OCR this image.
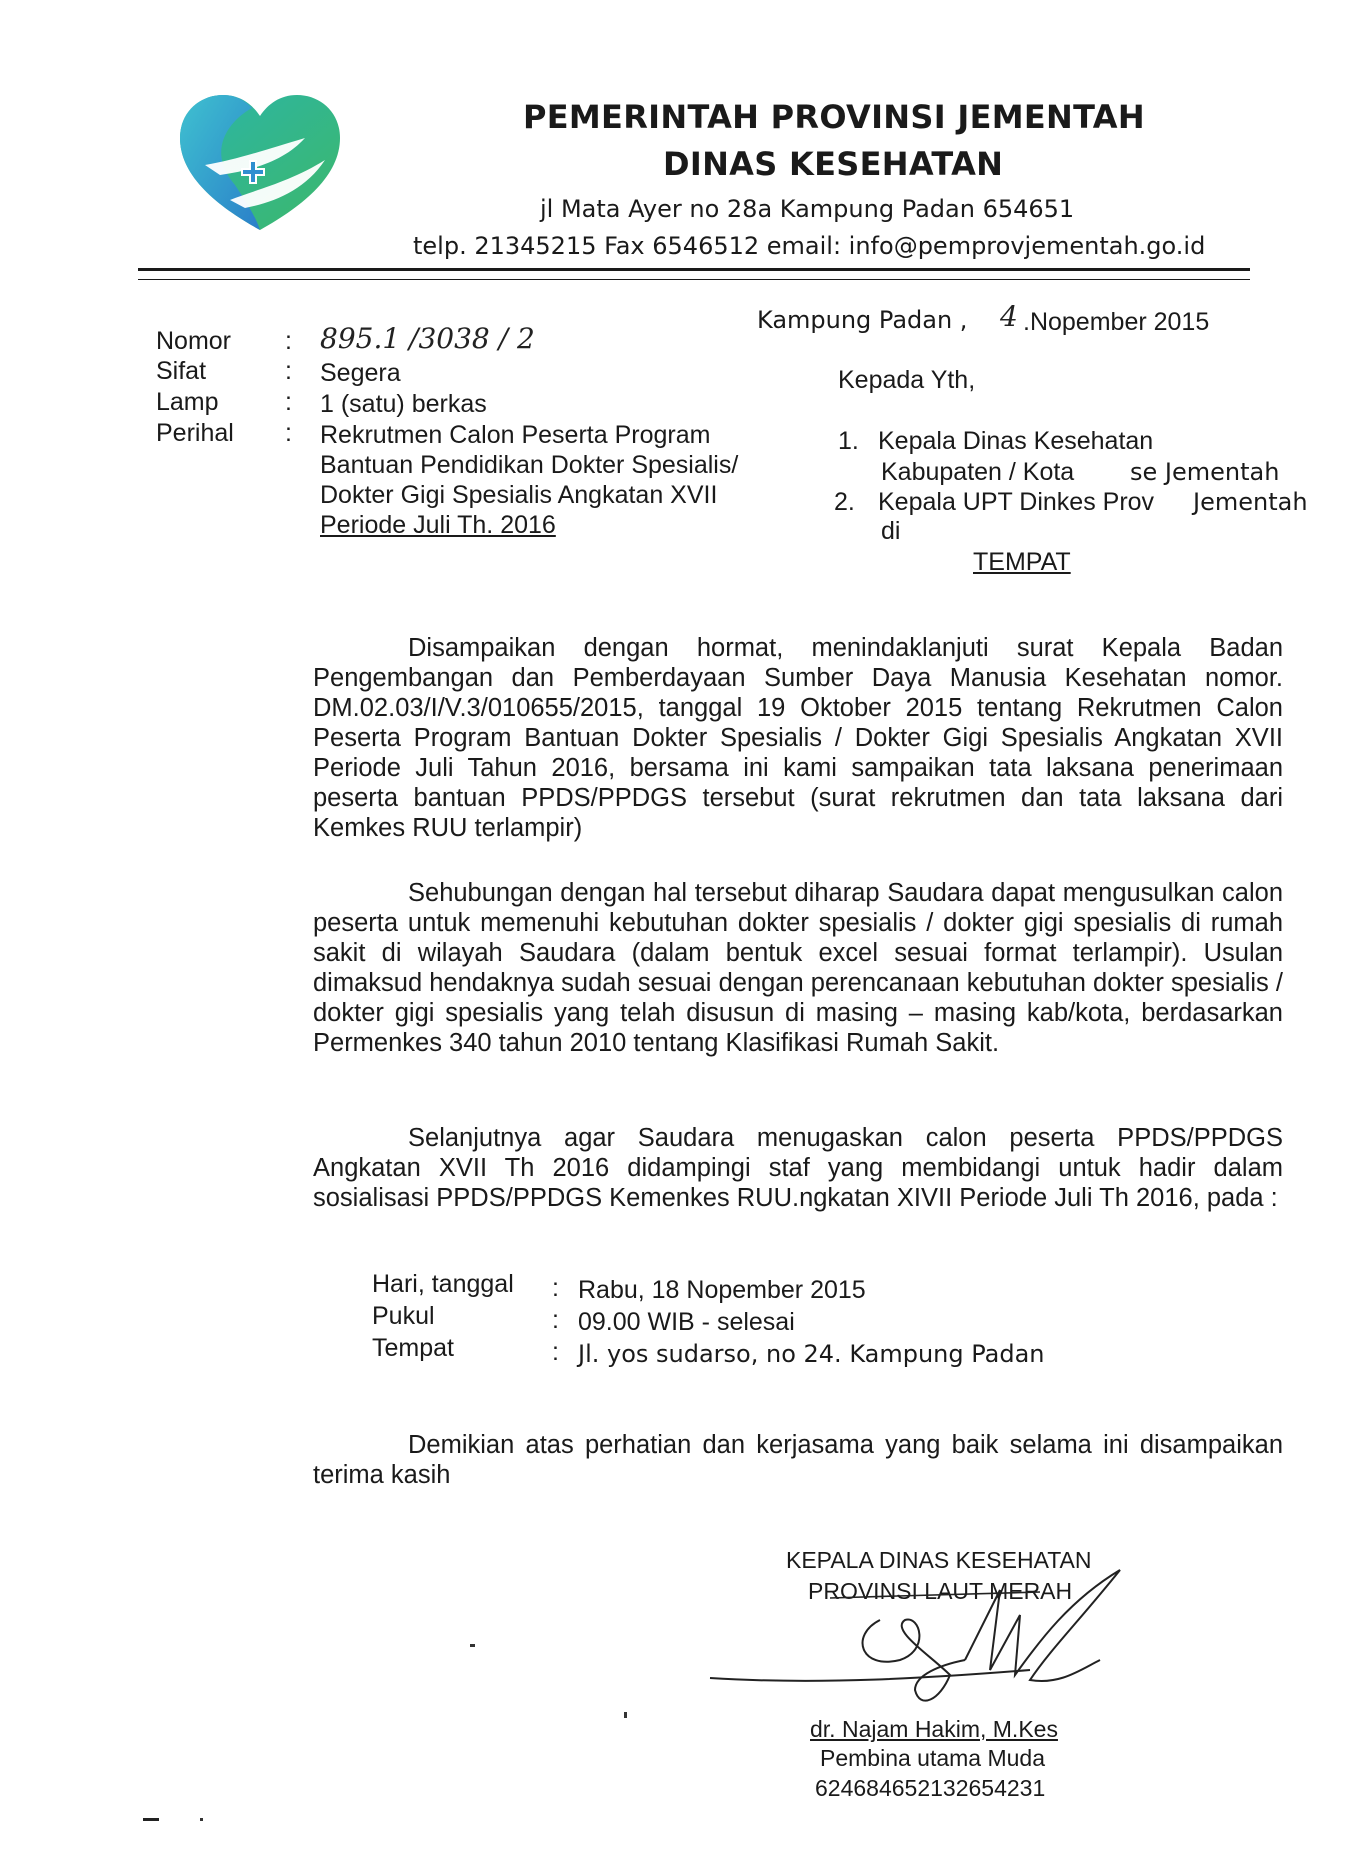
PEMERINTAH PROVINSI JEMENTAH
DINAS KESEHATAN
jl Mata Ayer no 28a Kampung Padan 654651
telp. 21345215 Fax 6546512 email: info@pemprovjementah.go.id
Kampung Padan , 4 .Nopember 2015
Nomor
Sifat
Lamp
Perihal
:
:
:
:
895.1 /3038 / 2
Segera
1 (satu) berkas
Rekrutmen Calon Peserta Program
Bantuan Pendidikan Dokter Spesialis/
Dokter Gigi Spesialis Angkatan XVII
Periode Juli Th. 2016
Kepada Yth,
1. Kepala Dinas Kesehatan
Kabupaten / Kota se Jementah
2. Kepala UPT Dinkes Prov Jementah
di
TEMPAT
Disampaikan dengan hormat, menindaklanjuti surat Kepala Badan Pengembangan dan Pemberdayaan Sumber Daya Manusia Kesehatan nomor. DM.02.03/I/V.3/010655/2015, tanggal 19 Oktober 2015 tentang Rekrutmen Calon Peserta Program Bantuan Dokter Spesialis / Dokter Gigi Spesialis Angkatan XVII Periode Juli Tahun 2016, bersama ini kami sampaikan tata laksana penerimaan peserta bantuan PPDS/PPDGS tersebut (surat rekrutmen dan tata laksana dari Kemkes RUU terlampir)
Sehubungan dengan hal tersebut diharap Saudara dapat mengusulkan calon peserta untuk memenuhi kebutuhan dokter spesialis / dokter gigi spesialis di rumah sakit di wilayah Saudara (dalam bentuk excel sesuai format terlampir). Usulan dimaksud hendaknya sudah sesuai dengan perencanaan kebutuhan dokter spesialis / dokter gigi spesialis yang telah disusun di masing – masing kab/kota, berdasarkan Permenkes 340 tahun 2010 tentang Klasifikasi Rumah Sakit.
Selanjutnya agar Saudara menugaskan calon peserta PPDS/PPDGS Angkatan XVII Th 2016 didampingi staf yang membidangi untuk hadir dalam sosialisasi PPDS/PPDGS Kemenkes RUU.ngkatan XIVII Periode Juli Th 2016, pada :
Hari, tanggal
Pukul
Tempat
:
:
:
Rabu, 18 Nopember 2015
09.00 WIB - selesai
Jl. yos sudarso, no 24. Kampung Padan
Demikian atas perhatian dan kerjasama yang baik selama ini disampaikan terima kasih
KEPALA DINAS KESEHATAN
PROVINSI LAUT MERAH
dr. Najam Hakim, M.Kes
Pembina utama Muda
624684652132654231
